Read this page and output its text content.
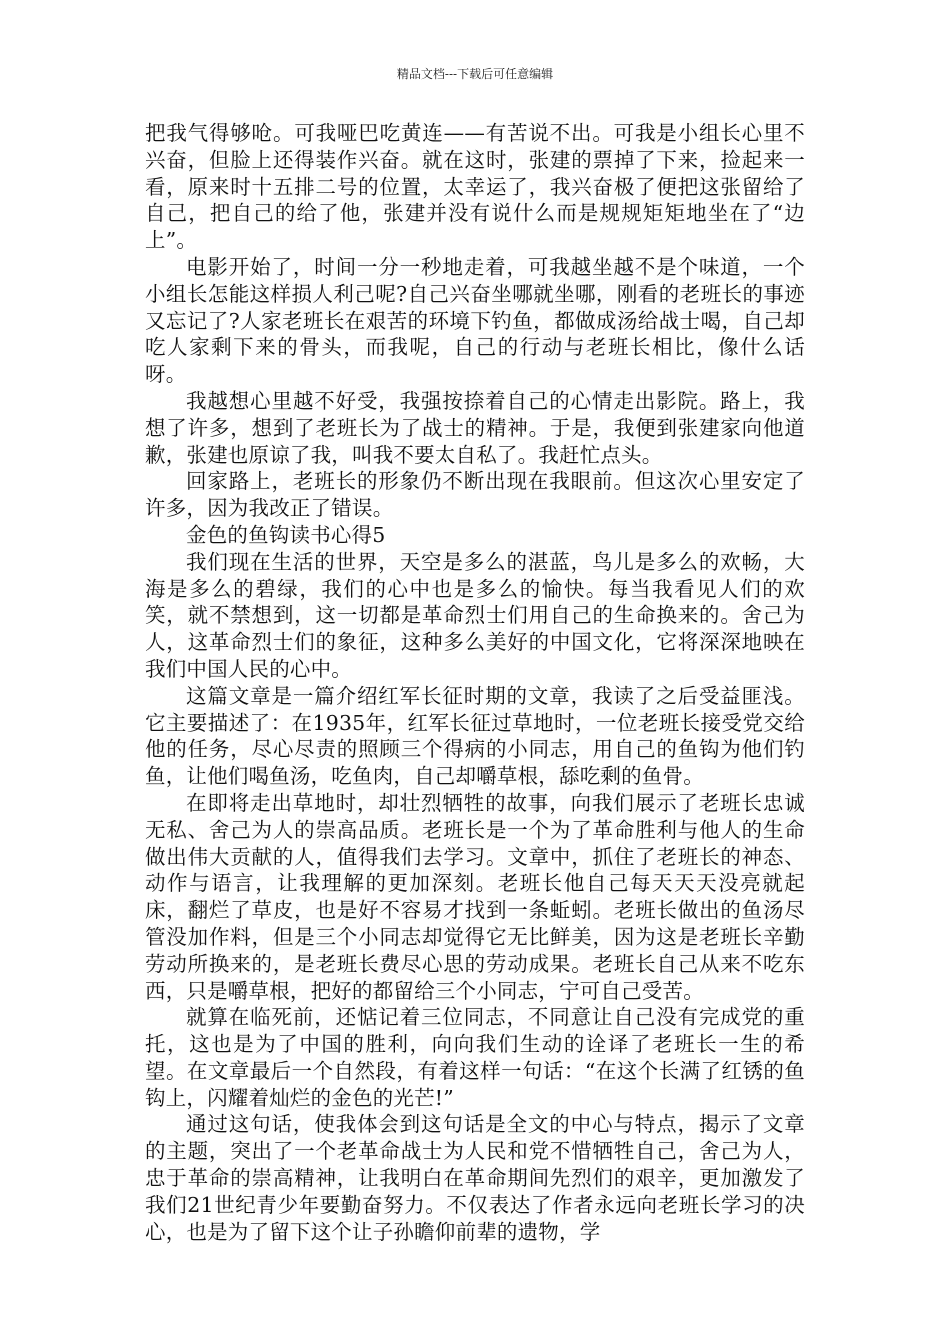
精品文档---下载后可任意编辑

把我气得够呛。可我哑巴吃黄连——有苦说不出。可我是小组长心里不兴奋，但脸上还得装作兴奋。就在这时，张建的票掉了下来，捡起来一看，原来时十五排二号的位置，太幸运了，我兴奋极了便把这张留给了自己，把自己的给了他，张建并没有说什么而是规规矩矩地坐在了“边上”。

电影开始了，时间一分一秒地走着，可我越坐越不是个味道，一个小组长怎能这样损人利己呢?自己兴奋坐哪就坐哪，刚看的老班长的事迹又忘记了?人家老班长在艰苦的环境下钓鱼，都做成汤给战士喝，自己却吃人家剩下来的骨头，而我呢，自己的行动与老班长相比，像什么话呀。

我越想心里越不好受，我强按捺着自己的心情走出影院。路上，我想了许多，想到了老班长为了战士的精神。于是，我便到张建家向他道歉，张建也原谅了我，叫我不要太自私了。我赶忙点头。

回家路上，老班长的形象仍不断出现在我眼前。但这次心里安定了许多，因为我改正了错误。

金色的鱼钩读书心得5

我们现在生活的世界，天空是多么的湛蓝，鸟儿是多么的欢畅，大海是多么的碧绿，我们的心中也是多么的愉快。每当我看见人们的欢笑，就不禁想到，这一切都是革命烈士们用自己的生命换来的。舍己为人，这革命烈士们的象征，这种多么美好的中国文化，它将深深地映在我们中国人民的心中。

这篇文章是一篇介绍红军长征时期的文章，我读了之后受益匪浅。它主要描述了：在1935年，红军长征过草地时，一位老班长接受党交给他的任务，尽心尽责的照顾三个得病的小同志，用自己的鱼钩为他们钓鱼，让他们喝鱼汤，吃鱼肉，自己却嚼草根，舔吃剩的鱼骨。

在即将走出草地时，却壮烈牺牲的故事，向我们展示了老班长忠诚无私、舍己为人的崇高品质。老班长是一个为了革命胜利与他人的生命做出伟大贡献的人，值得我们去学习。文章中，抓住了老班长的神态、动作与语言，让我理解的更加深刻。老班长他自己每天天天没亮就起床，翻烂了草皮，也是好不容易才找到一条蚯蚓。老班长做出的鱼汤尽管没加作料，但是三个小同志却觉得它无比鲜美，因为这是老班长辛勤劳动所换来的，是老班长费尽心思的劳动成果。老班长自己从来不吃东西，只是嚼草根，把好的都留给三个小同志，宁可自己受苦。

就算在临死前，还惦记着三位同志，不同意让自己没有完成党的重托，这也是为了中国的胜利，向向我们生动的诠译了老班长一生的希望。在文章最后一个自然段，有着这样一句话：“在这个长满了红锈的鱼钩上，闪耀着灿烂的金色的光芒!”

通过这句话，使我体会到这句话是全文的中心与特点，揭示了文章的主题，突出了一个老革命战士为人民和党不惜牺牲自己，舍己为人，忠于革命的崇高精神，让我明白在革命期间先烈们的艰辛，更加激发了我们21世纪青少年要勤奋努力。不仅表达了作者永远向老班长学习的决心，也是为了留下这个让子孙瞻仰前辈的遗物，学
